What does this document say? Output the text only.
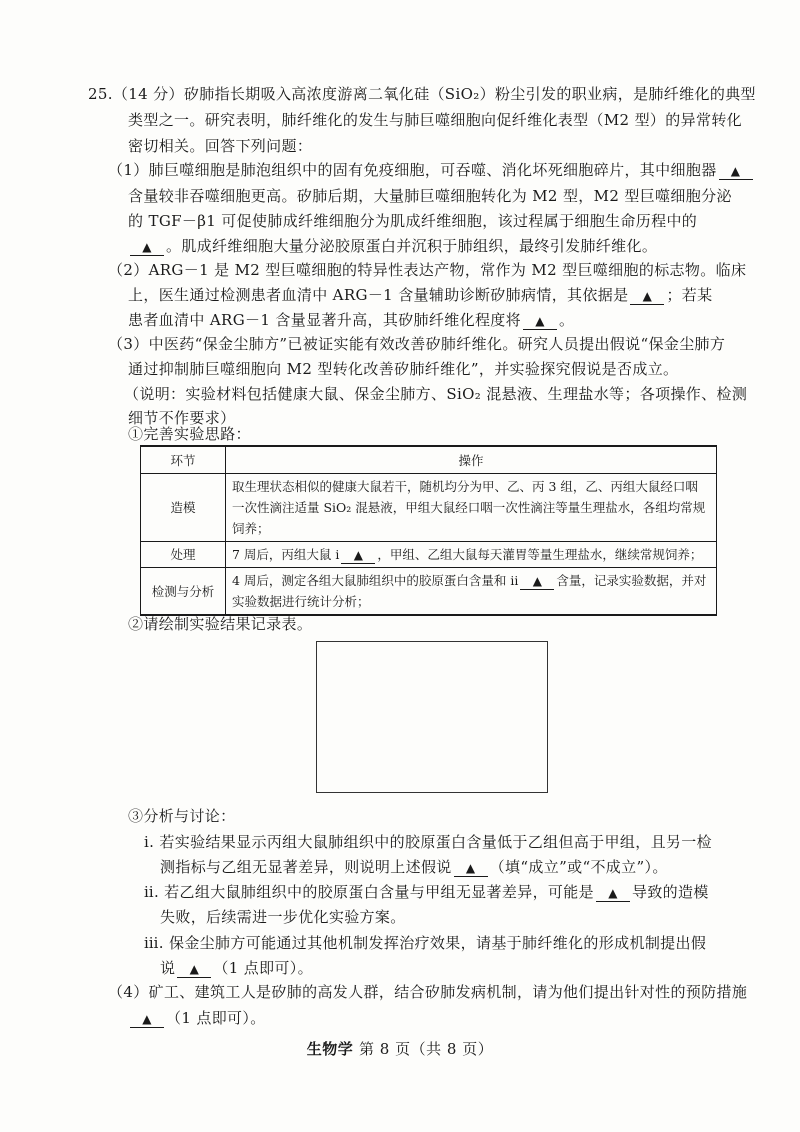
25.（14 分）矽肺指长期吸入高浓度游离二氧化硅（SiO₂）粉尘引发的职业病，是肺纤维化的典型
类型之一。研究表明，肺纤维化的发生与肺巨噬细胞向促纤维化表型（M2 型）的异常转化
密切相关。回答下列问题：
（1）肺巨噬细胞是肺泡组织中的固有免疫细胞，可吞噬、消化坏死细胞碎片，其中细胞器 ▲
含量较非吞噬细胞更高。矽肺后期，大量肺巨噬细胞转化为 M2 型，M2 型巨噬细胞分泌
的 TGF－β1 可促使肺成纤维细胞分为肌成纤维细胞，该过程属于细胞生命历程中的
▲ 。肌成纤维细胞大量分泌胶原蛋白并沉积于肺组织，最终引发肺纤维化。
（2）ARG－1 是 M2 型巨噬细胞的特异性表达产物，常作为 M2 型巨噬细胞的标志物。临床
上，医生通过检测患者血清中 ARG－1 含量辅助诊断矽肺病情，其依据是 ▲ ；若某
患者血清中 ARG－1 含量显著升高，其矽肺纤维化程度将 ▲ 。
（3）中医药“保金尘肺方”已被证实能有效改善矽肺纤维化。研究人员提出假说“保金尘肺方
通过抑制肺巨噬细胞向 M2 型转化改善矽肺纤维化”，并实验探究假说是否成立。
（说明：实验材料包括健康大鼠、保金尘肺方、SiO₂ 混悬液、生理盐水等；各项操作、检测
细节不作要求）
①完善实验思路：
环节	操作
造模	取生理状态相似的健康大鼠若干，随机均分为甲、乙、丙 3 组，乙、丙组大鼠经口咽一次性滴注适量 SiO₂ 混悬液，甲组大鼠经口咽一次性滴注等量生理盐水，各组均常规饲养；
处理	7 周后，丙组大鼠 ⅰ ▲ ，甲组、乙组大鼠每天灌胃等量生理盐水，继续常规饲养；
检测与分析	4 周后，测定各组大鼠肺组织中的胶原蛋白含量和 ⅱ ▲ 含量，记录实验数据，并对实验数据进行统计分析；
②请绘制实验结果记录表。
③分析与讨论：
ⅰ. 若实验结果显示丙组大鼠肺组织中的胶原蛋白含量低于乙组但高于甲组，且另一检
测指标与乙组无显著差异，则说明上述假说 ▲ （填“成立”或“不成立”）。
ⅱ. 若乙组大鼠肺组织中的胶原蛋白含量与甲组无显著差异，可能是 ▲ 导致的造模
失败，后续需进一步优化实验方案。
ⅲ. 保金尘肺方可能通过其他机制发挥治疗效果，请基于肺纤维化的形成机制提出假
说 ▲ （1 点即可）。
（4）矿工、建筑工人是矽肺的高发人群，结合矽肺发病机制，请为他们提出针对性的预防措施
▲ （1 点即可）。
生物学 第 8 页（共 8 页）
